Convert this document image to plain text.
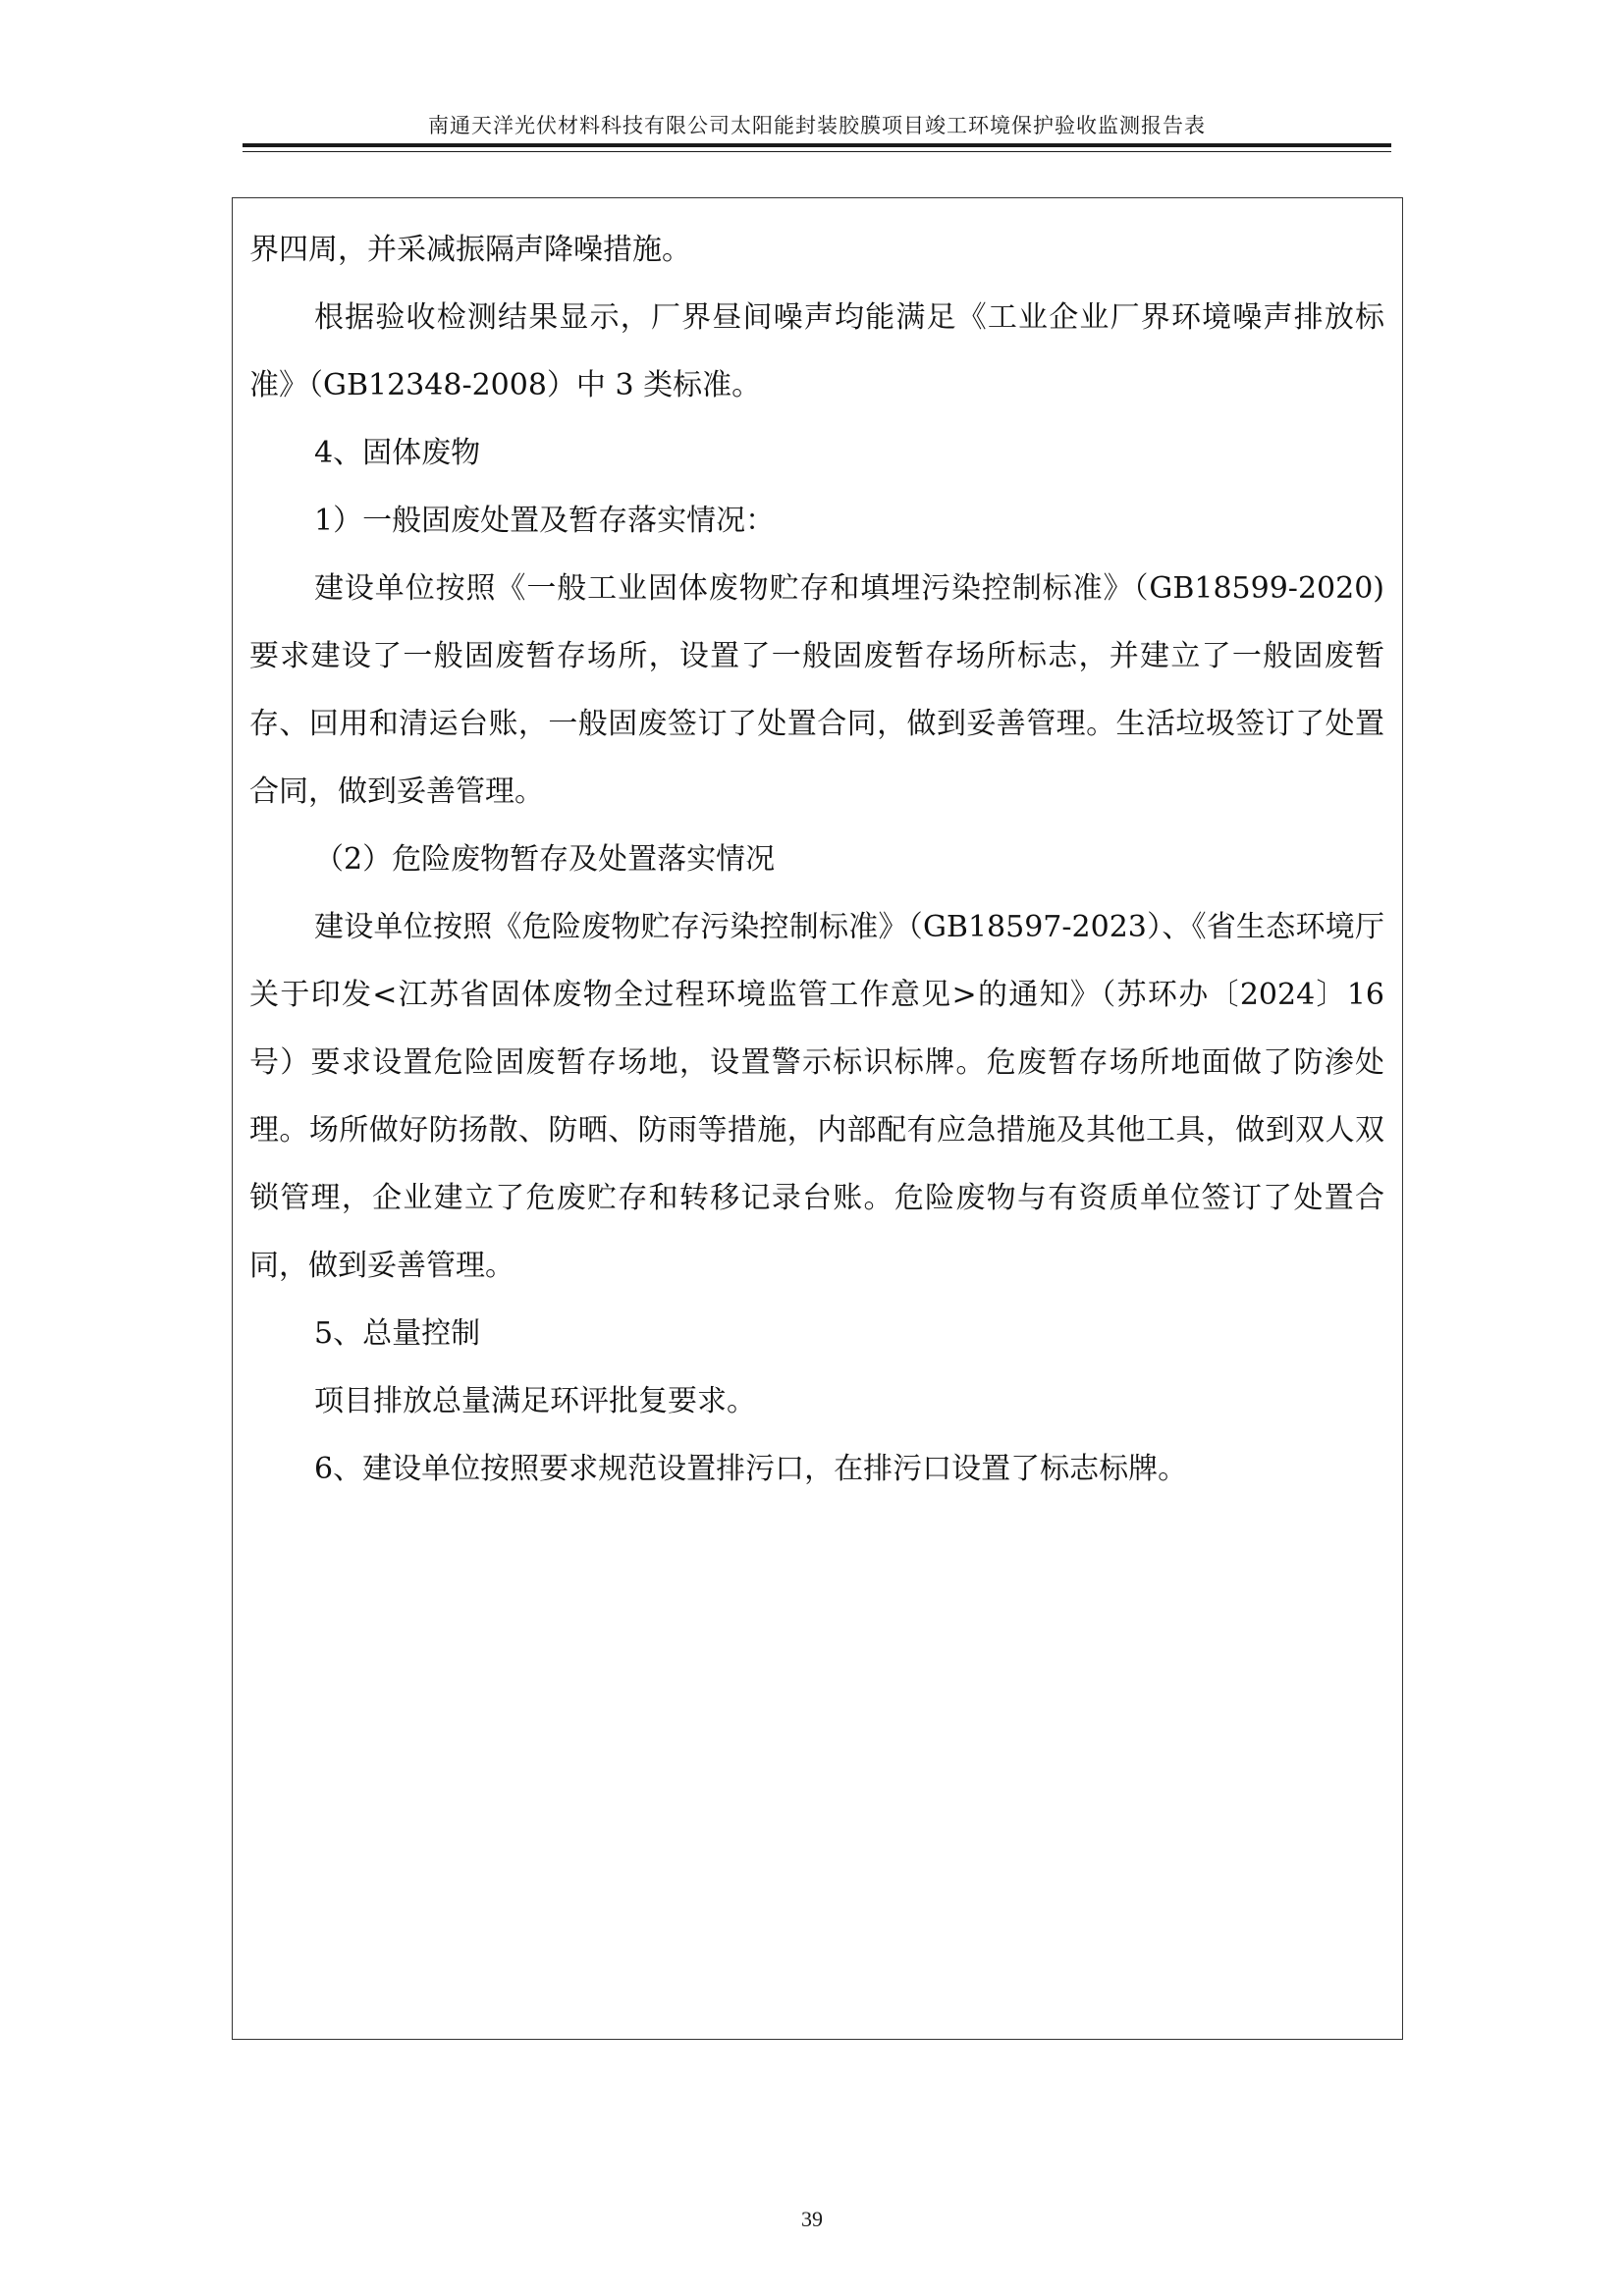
南通天洋光伏材料科技有限公司太阳能封装胶膜项目竣工环境保护验收监测报告表

界四周，并采减振隔声降噪措施。

根据验收检测结果显示，厂界昼间噪声均能满足《工业企业厂界环境噪声排放标准》（GB12348-2008）中 3 类标准。

4、固体废物

1）一般固废处置及暂存落实情况：

建设单位按照《一般工业固体废物贮存和填埋污染控制标准》（GB18599-2020)要求建设了一般固废暂存场所，设置了一般固废暂存场所标志，并建立了一般固废暂存、回用和清运台账，一般固废签订了处置合同，做到妥善管理。生活垃圾签订了处置合同，做到妥善管理。

（2）危险废物暂存及处置落实情况

建设单位按照《危险废物贮存污染控制标准》（GB18597-2023）、《省生态环境厅关于印发<江苏省固体废物全过程环境监管工作意见>的通知》（苏环办〔2024〕16 号）要求设置危险固废暂存场地，设置警示标识标牌。危废暂存场所地面做了防渗处理。场所做好防扬散、防晒、防雨等措施，内部配有应急措施及其他工具，做到双人双锁管理，企业建立了危废贮存和转移记录台账。危险废物与有资质单位签订了处置合同，做到妥善管理。

5、总量控制

项目排放总量满足环评批复要求。

6、建设单位按照要求规范设置排污口，在排污口设置了标志标牌。

39
